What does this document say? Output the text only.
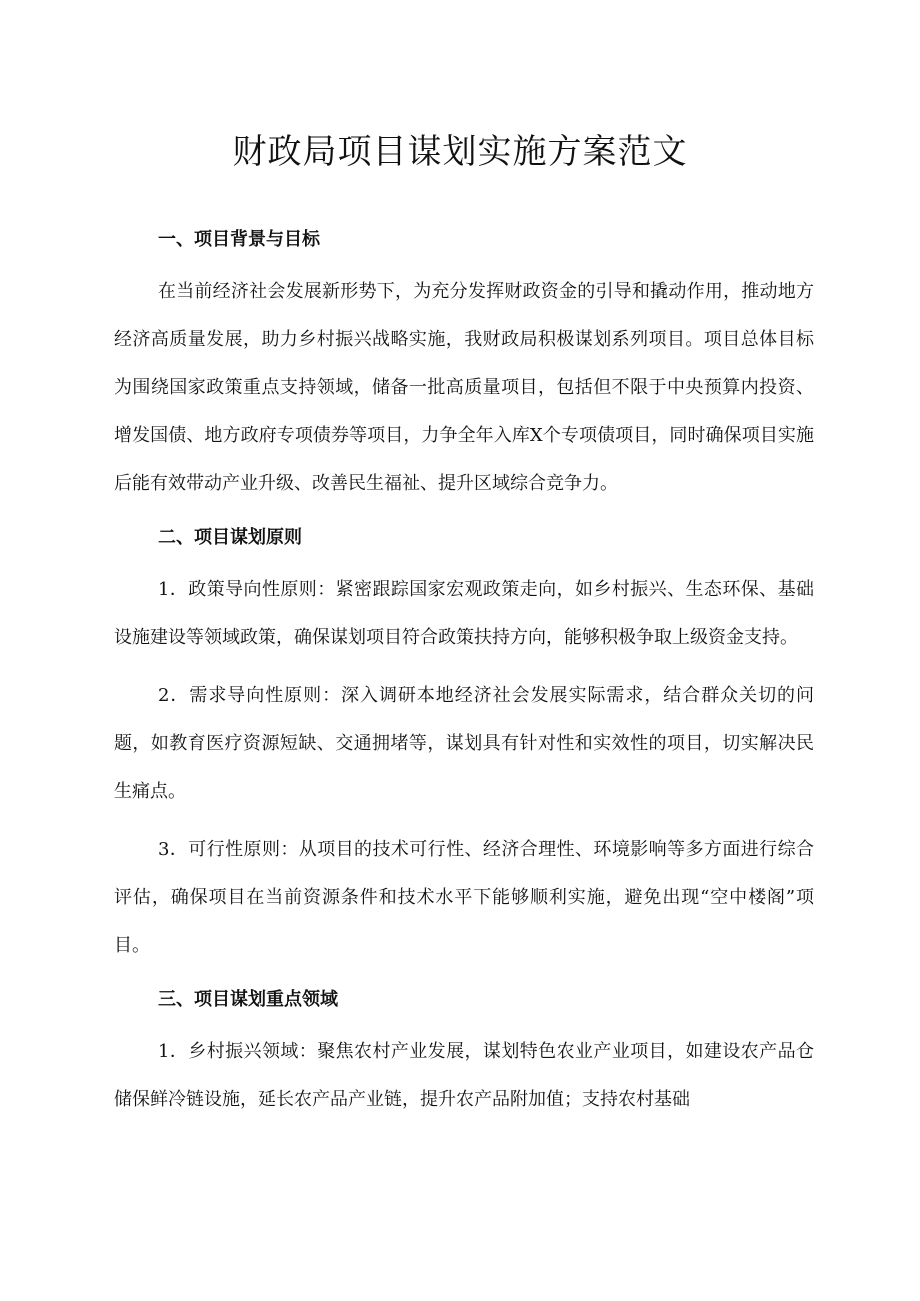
财政局项目谋划实施方案范文
一、项目背景与目标

在当前经济社会发展新形势下，为充分发挥财政资金的引导和撬动作用，推动地方经济高质量发展，助力乡村振兴战略实施，我财政局积极谋划系列项目。项目总体目标为围绕国家政策重点支持领域，储备一批高质量项目，包括但不限于中央预算内投资、增发国债、地方政府专项债券等项目，力争全年入库X个专项债项目，同时确保项目实施后能有效带动产业升级、改善民生福祉、提升区域综合竞争力。

二、项目谋划原则

1．政策导向性原则：紧密跟踪国家宏观政策走向，如乡村振兴、生态环保、基础设施建设等领域政策，确保谋划项目符合政策扶持方向，能够积极争取上级资金支持。

2．需求导向性原则：深入调研本地经济社会发展实际需求，结合群众关切的问题，如教育医疗资源短缺、交通拥堵等，谋划具有针对性和实效性的项目，切实解决民生痛点。

3．可行性原则：从项目的技术可行性、经济合理性、环境影响等多方面进行综合评估，确保项目在当前资源条件和技术水平下能够顺利实施，避免出现“空中楼阁”项目。

三、项目谋划重点领域

1．乡村振兴领域：聚焦农村产业发展，谋划特色农业产业项目，如建设农产品仓储保鲜冷链设施，延长农产品产业链，提升农产品附加值；支持农村基础
